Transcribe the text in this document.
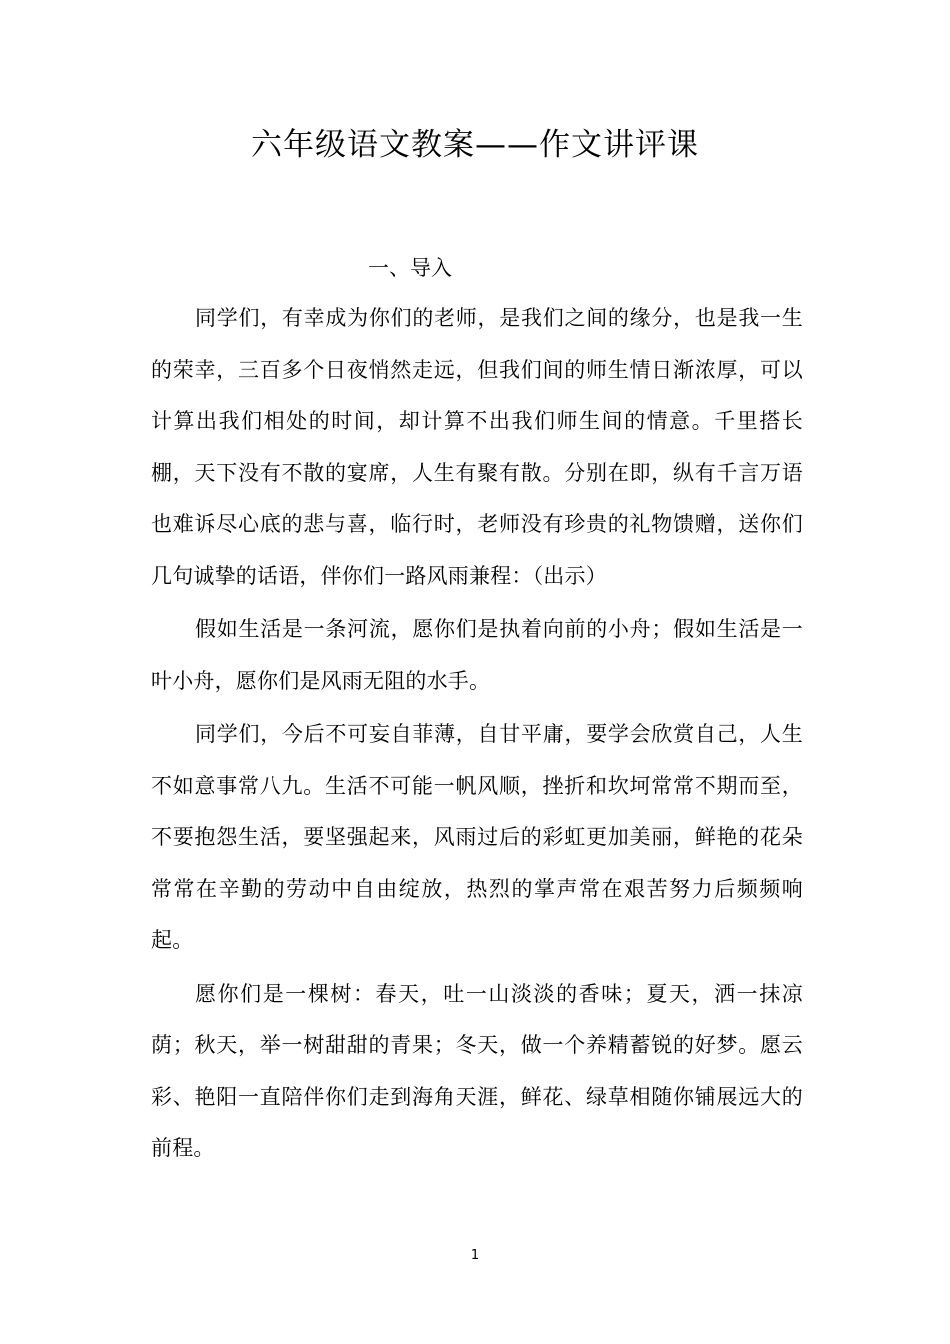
六年级语文教案——作文讲评课
一、导入

同学们，有幸成为你们的老师，是我们之间的缘分，也是我一生的荣幸，三百多个日夜悄然走远，但我们间的师生情日渐浓厚，可以计算出我们相处的时间，却计算不出我们师生间的情意。千里搭长棚，天下没有不散的宴席，人生有聚有散。分别在即，纵有千言万语也难诉尽心底的悲与喜，临行时，老师没有珍贵的礼物馈赠，送你们几句诚挚的话语，伴你们一路风雨兼程：（出示）

假如生活是一条河流，愿你们是执着向前的小舟；假如生活是一叶小舟，愿你们是风雨无阻的水手。

同学们，今后不可妄自菲薄，自甘平庸，要学会欣赏自己，人生不如意事常八九。生活不可能一帆风顺，挫折和坎坷常常不期而至，不要抱怨生活，要坚强起来，风雨过后的彩虹更加美丽，鲜艳的花朵常常在辛勤的劳动中自由绽放，热烈的掌声常在艰苦努力后频频响起。

愿你们是一棵树：春天，吐一山淡淡的香味；夏天，洒一抹凉荫；秋天，举一树甜甜的青果；冬天，做一个养精蓄锐的好梦。愿云彩、艳阳一直陪伴你们走到海角天涯，鲜花、绿草相随你铺展远大的前程。

1
